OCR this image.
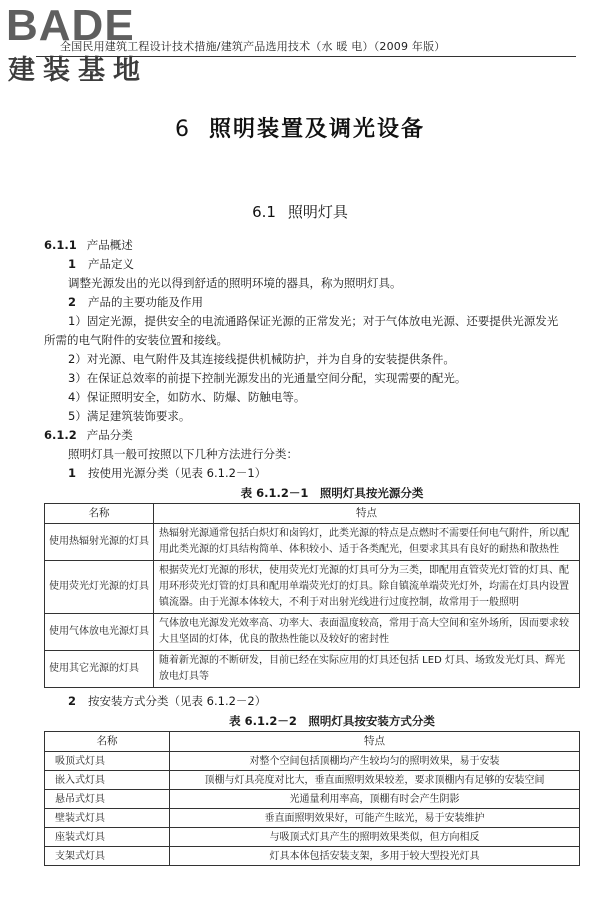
BADE
建装基地
全国民用建筑工程设计技术措施/建筑产品选用技术（水 暖 电）（2009 年版）
6 照明装置及调光设备
6.1 照明灯具
6.1.1 产品概述
1 产品定义
调整光源发出的光以得到舒适的照明环境的器具，称为照明灯具。
2 产品的主要功能及作用
1）固定光源，提供安全的电流通路保证光源的正常发光；对于气体放电光源、还要提供光源发光
所需的电气附件的安装位置和接线。
2）对光源、电气附件及其连接线提供机械防护，并为自身的安装提供条件。
3）在保证总效率的前提下控制光源发出的光通量空间分配，实现需要的配光。
4）保证照明安全，如防水、防爆、防触电等。
5）满足建筑装饰要求。
6.1.2 产品分类
照明灯具一般可按照以下几种方法进行分类：
1 按使用光源分类（见表 6.1.2－1）
表 6.1.2－1　照明灯具按光源分类
名称	特点
使用热辐射光源的灯具	热辐射光源通常包括白炽灯和卤钨灯，此类光源的特点是点燃时不需要任何电气附件，所以配用此类光源的灯具结构简单、体积较小、适于各类配光，但要求其具有良好的耐热和散热性
使用荧光灯光源的灯具	根据荧光灯光源的形状，使用荧光灯光源的灯具可分为三类，即配用直管荧光灯管的灯具、配用环形荧光灯管的灯具和配用单端荧光灯的灯具。除自镇流单端荧光灯外，均需在灯具内设置镇流器。由于光源本体较大，不利于对出射光线进行过度控制，故常用于一般照明
使用气体放电光源灯具	气体放电光源发光效率高、功率大、表面温度较高，常用于高大空间和室外场所，因而要求较大且坚固的灯体，优良的散热性能以及较好的密封性
使用其它光源的灯具	随着新光源的不断研发，目前已经在实际应用的灯具还包括 LED 灯具、场致发光灯具、辉光放电灯具等
2 按安装方式分类（见表 6.1.2－2）
表 6.1.2－2　照明灯具按安装方式分类
名称	特点
吸顶式灯具	对整个空间包括顶棚均产生较均匀的照明效果，易于安装
嵌入式灯具	顶棚与灯具亮度对比大，垂直面照明效果较差，要求顶棚内有足够的安装空间
悬吊式灯具	光通量利用率高，顶棚有时会产生阴影
壁装式灯具	垂直面照明效果好，可能产生眩光，易于安装维护
座装式灯具	与吸顶式灯具产生的照明效果类似，但方向相反
支架式灯具	灯具本体包括安装支架，多用于较大型投光灯具
